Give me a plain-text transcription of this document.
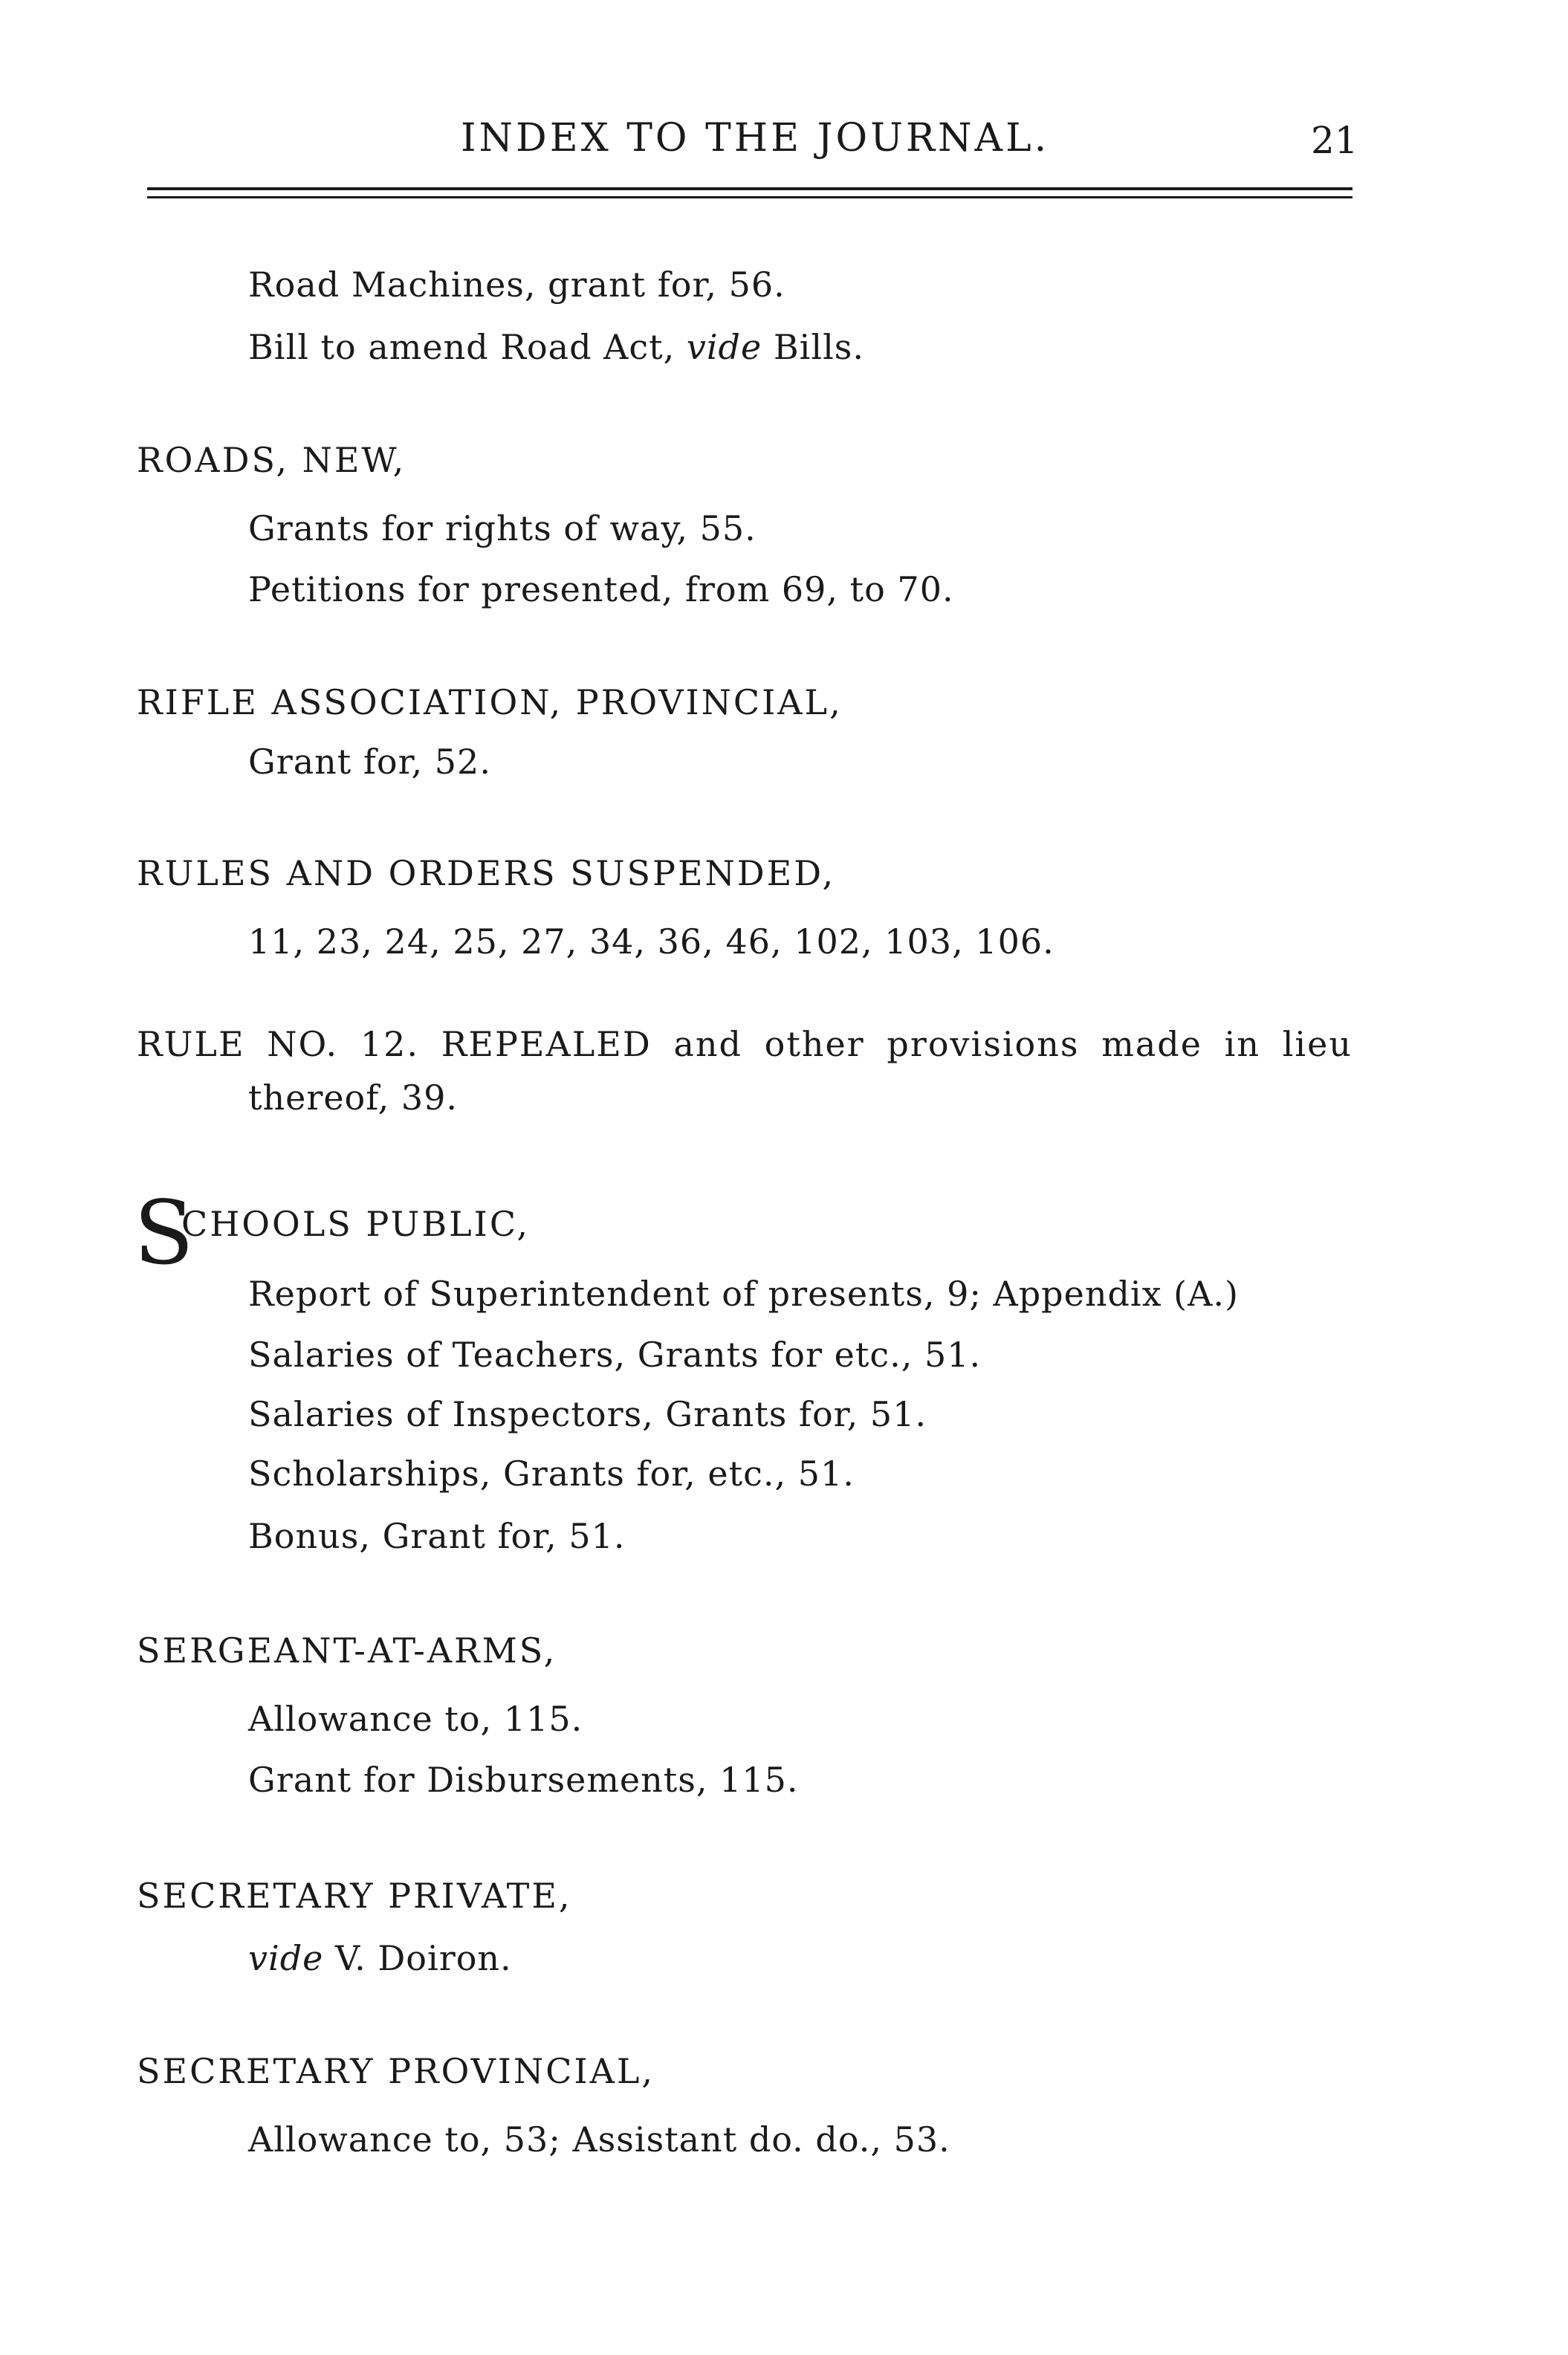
INDEX TO THE JOURNAL.	21
Road Machines, grant for, 56.
Bill to amend Road Act, vide Bills.
ROADS, NEW,
Grants for rights of way, 55.
Petitions for presented, from 69, to 70.
RIFLE ASSOCIATION, PROVINCIAL,
Grant for, 52.
RULES AND ORDERS SUSPENDED,
11, 23, 24, 25, 27, 34, 36, 46, 102, 103, 106.
RULE NO. 12. REPEALED and other provisions made in lieu
thereof, 39.
S
CHOOLS PUBLIC,
Report of Superintendent of presents, 9; Appendix (A.)
Salaries of Teachers, Grants for etc., 51.
Salaries of Inspectors, Grants for, 51.
Scholarships, Grants for, etc., 51.
Bonus, Grant for, 51.
SERGEANT-AT-ARMS,
Allowance to, 115.
Grant for Disbursements, 115.
SECRETARY PRIVATE,
vide V. Doiron.
SECRETARY PROVINCIAL,
Allowance to, 53; Assistant do. do., 53.
